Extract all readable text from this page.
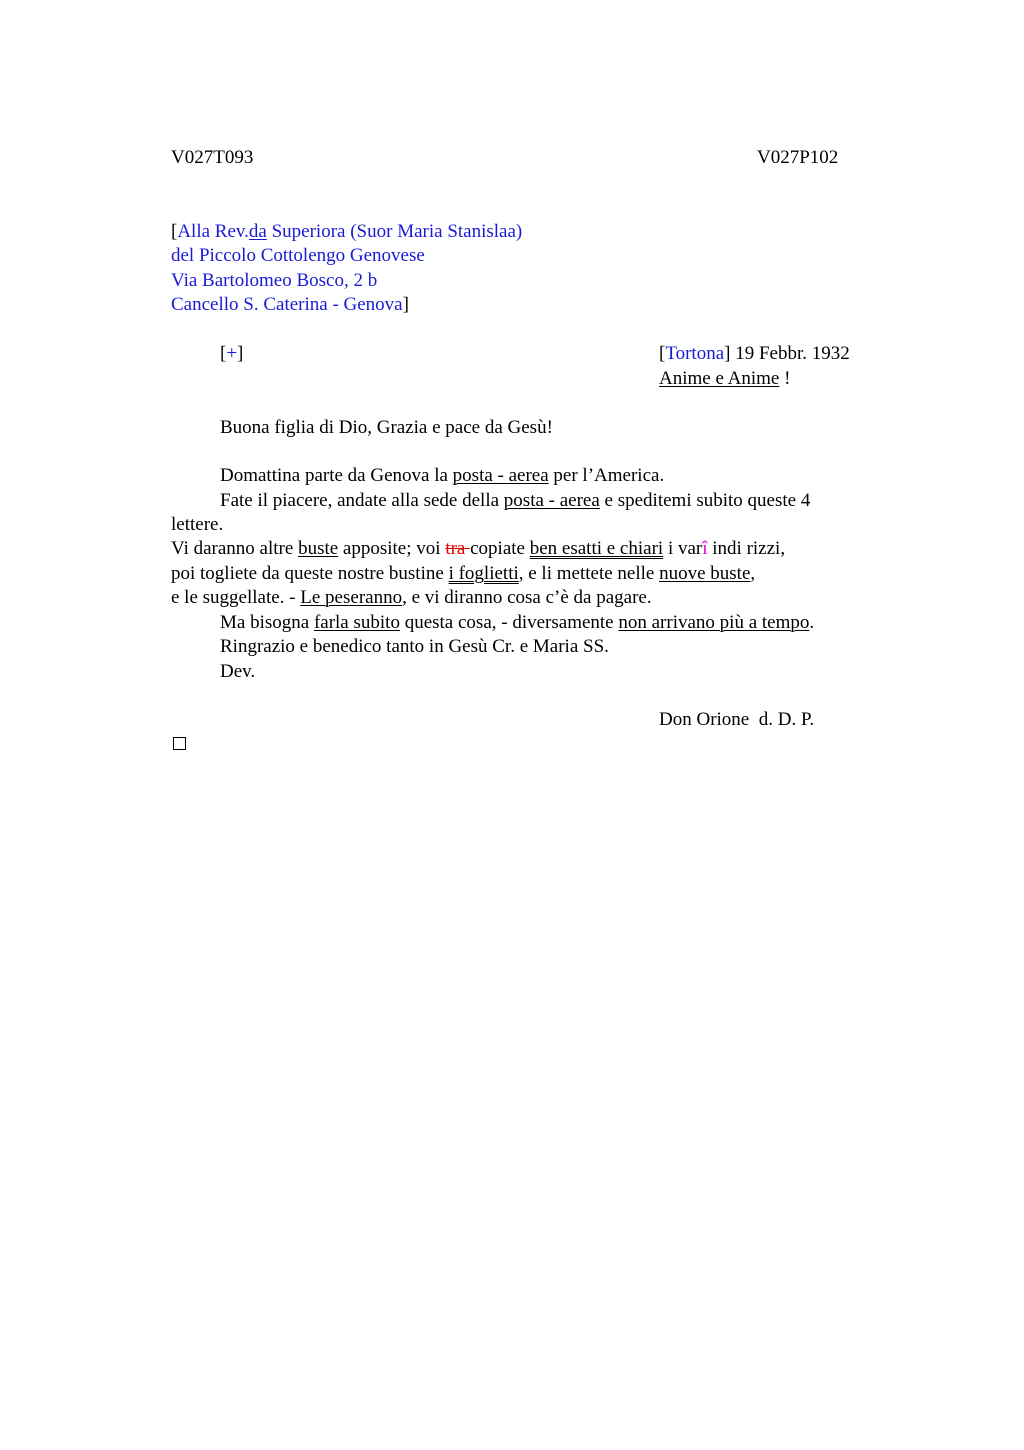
V027T093	V027P102
[Alla Rev.da Superiora (Suor Maria Stanislaa)
del Piccolo Cottolengo Genovese
Via Bartolomeo Bosco, 2 b
Cancello S. Caterina - Genova]
[+]	[Tortona] 19 Febbr. 1932
Anime e Anime !
Buona figlia di Dio, Grazia e pace da Gesù!
Domattina parte da Genova la posta - aerea per l’America.
Fate il piacere, andate alla sede della posta - aerea e speditemi subito queste 4
lettere.
Vi daranno altre buste apposite; voi tra copiate ben esatti e chiari i varî indi rizzi,
poi togliete da queste nostre bustine i foglietti, e li mettete nelle nuove buste,
e le suggellate. - Le peseranno, e vi diranno cosa c’è da pagare.
Ma bisogna farla subito questa cosa, - diversamente non arrivano più a tempo.
Ringrazio e benedico tanto in Gesù Cr. e Maria SS.
Dev.
Don Orione  d. D. P.
